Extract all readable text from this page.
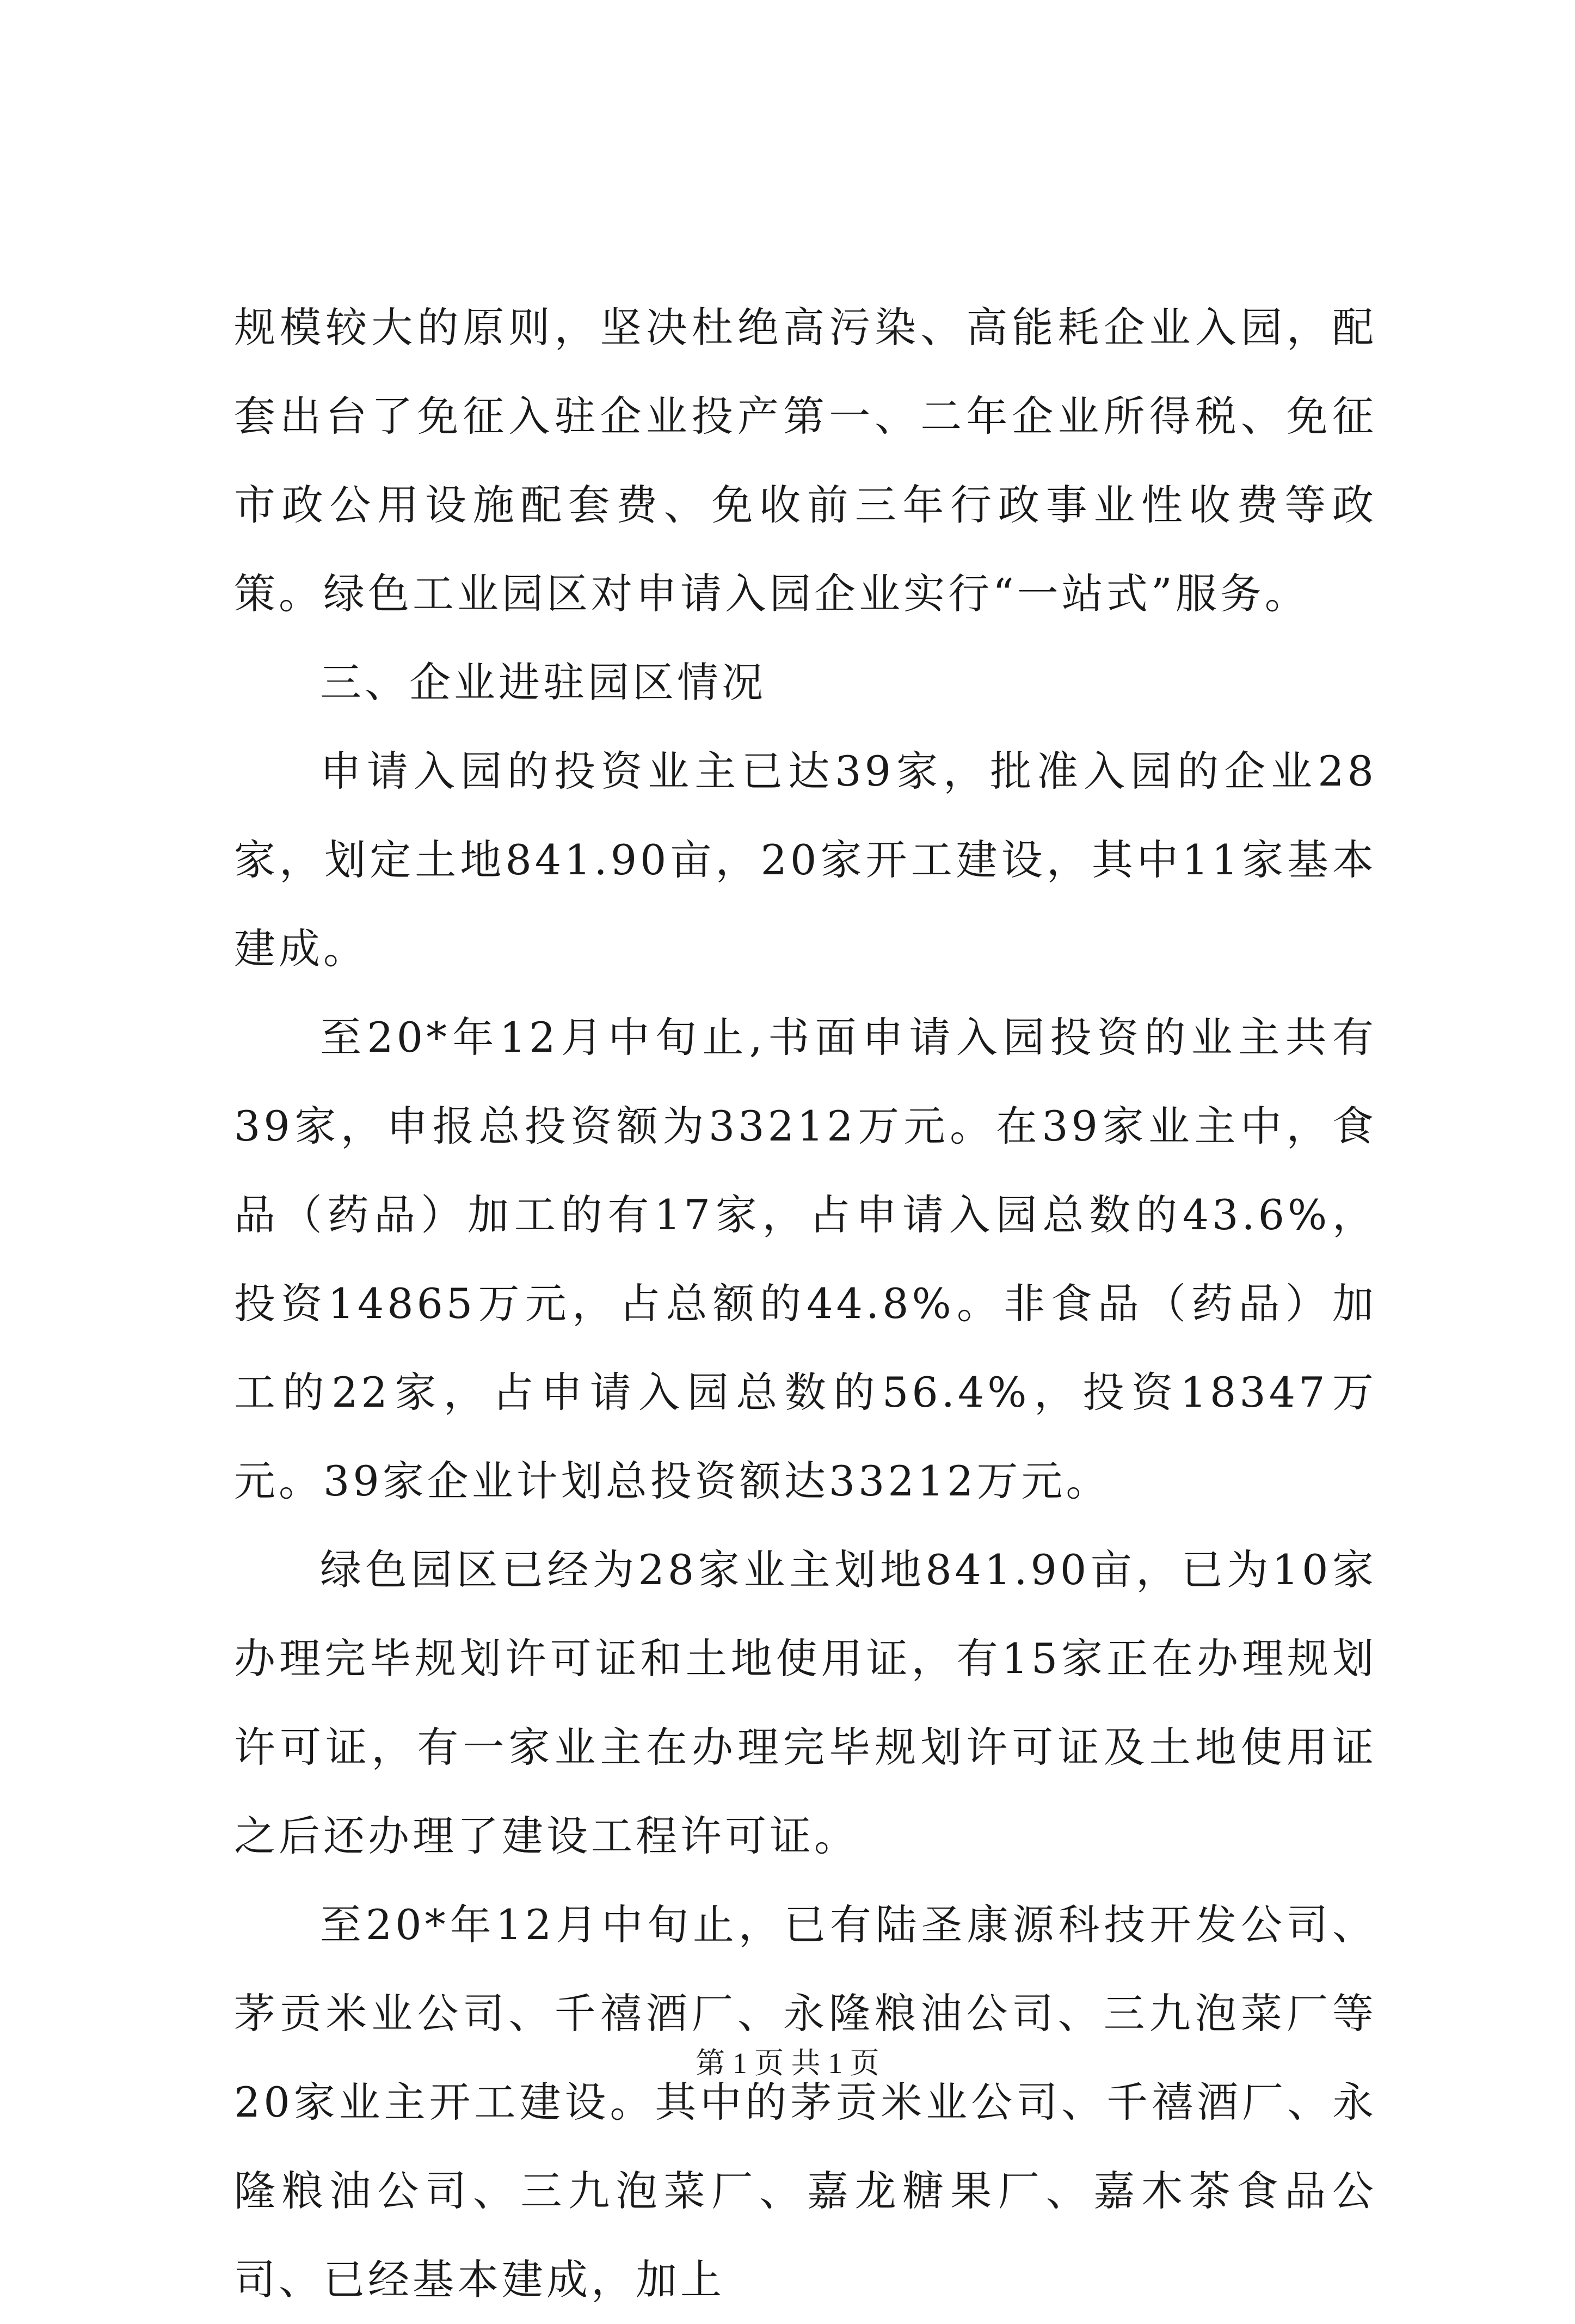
规模较大的原则，坚决杜绝高污染、高能耗企业入园，配套出台了免征入驻企业投产第一、二年企业所得税、免征市政公用设施配套费、免收前三年行政事业性收费等政策。绿色工业园区对申请入园企业实行“一站式”服务。

三、企业进驻园区情况

申请入园的投资业主已达39家，批准入园的企业28家，划定土地841.90亩，20家开工建设，其中11家基本建成。

至20*年12月中旬止,书面申请入园投资的业主共有39家，申报总投资额为33212万元。在39家业主中，食品（药品）加工的有17家，占申请入园总数的43.6%，投资14865万元，占总额的44.8%。非食品（药品）加工的22家，占申请入园总数的56.4%，投资18347万元。39家企业计划总投资额达33212万元。

绿色园区已经为28家业主划地841.90亩，已为10家办理完毕规划许可证和土地使用证，有15家正在办理规划许可证，有一家业主在办理完毕规划许可证及土地使用证之后还办理了建设工程许可证。

至20*年12月中旬止，已有陆圣康源科技开发公司、茅贡米业公司、千禧酒厂、永隆粮油公司、三九泡菜厂等20家业主开工建设。其中的茅贡米业公司、千禧酒厂、永隆粮油公司、三九泡菜厂、嘉龙糖果厂、嘉木茶食品公司、已经基本建成，加上

第 1 页 共 1 页
